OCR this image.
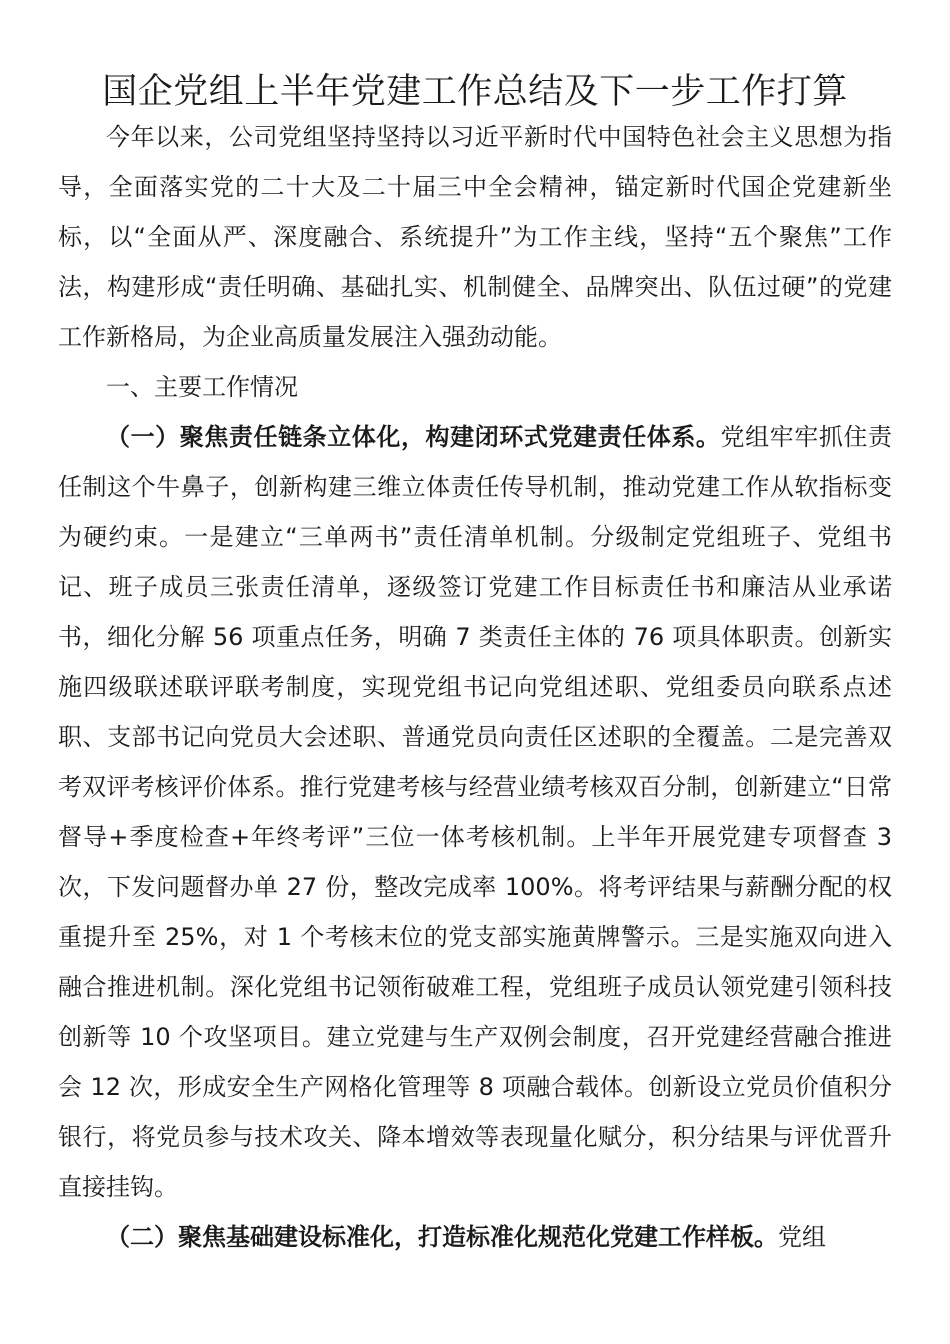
国企党组上半年党建工作总结及下一步工作打算

今年以来，公司党组坚持坚持以习近平新时代中国特色社会主义思想为指导，全面落实党的二十大及二十届三中全会精神，锚定新时代国企党建新坐标，以“全面从严、深度融合、系统提升”为工作主线，坚持“五个聚焦”工作法，构建形成“责任明确、基础扎实、机制健全、品牌突出、队伍过硬”的党建工作新格局，为企业高质量发展注入强劲动能。

一、主要工作情况

（一）聚焦责任链条立体化，构建闭环式党建责任体系。党组牢牢抓住责任制这个牛鼻子，创新构建三维立体责任传导机制，推动党建工作从软指标变为硬约束。一是建立“三单两书”责任清单机制。分级制定党组班子、党组书记、班子成员三张责任清单，逐级签订党建工作目标责任书和廉洁从业承诺书，细化分解 56 项重点任务，明确 7 类责任主体的 76 项具体职责。创新实施四级联述联评联考制度，实现党组书记向党组述职、党组委员向联系点述职、支部书记向党员大会述职、普通党员向责任区述职的全覆盖。二是完善双考双评考核评价体系。推行党建考核与经营业绩考核双百分制，创新建立“日常督导+季度检查+年终考评”三位一体考核机制。上半年开展党建专项督查 3 次，下发问题督办单 27 份，整改完成率 100%。将考评结果与薪酬分配的权重提升至 25%，对 1 个考核末位的党支部实施黄牌警示。三是实施双向进入融合推进机制。深化党组书记领衔破难工程，党组班子成员认领党建引领科技创新等 10 个攻坚项目。建立党建与生产双例会制度，召开党建经营融合推进会 12 次，形成安全生产网格化管理等 8 项融合载体。创新设立党员价值积分银行，将党员参与技术攻关、降本增效等表现量化赋分，积分结果与评优晋升直接挂钩。

（二）聚焦基础建设标准化，打造标准化规范化党建工作样板。党组
